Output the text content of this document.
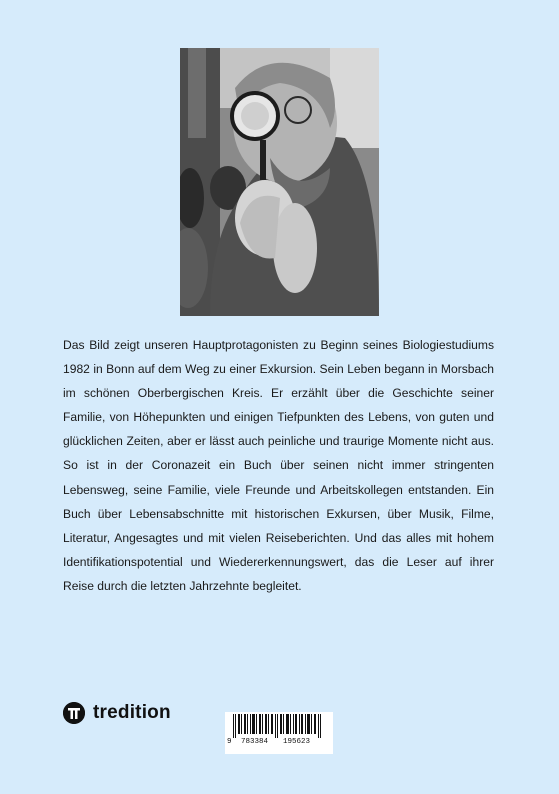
Das Bild zeigt unseren Hauptprotagonisten zu Beginn seines Biologiestudiums 1982 in Bonn auf dem Weg zu einer Exkursion. Sein Leben begann in Morsbach im schönen Oberbergischen Kreis. Er erzählt über die Geschichte seiner Familie, von Höhepunkten und einigen Tiefpunkten des Lebens, von guten und glücklichen Zeiten, aber er lässt auch peinliche und traurige Momente nicht aus. So ist in der Coronazeit ein Buch über seinen nicht immer stringenten Lebensweg, seine Familie, viele Freunde und Arbeitskollegen entstanden. Ein Buch über Lebensabschnitte mit historischen Exkursen, über Musik, Filme, Literatur, Angesagtes und mit vielen Reiseberichten. Und das alles mit hohem Identifikationspotential und Wiedererkennungswert, das die Leser auf ihrer Reise durch die letzten Jahrzehnte begleitet.

tredition
9 783384 195623
